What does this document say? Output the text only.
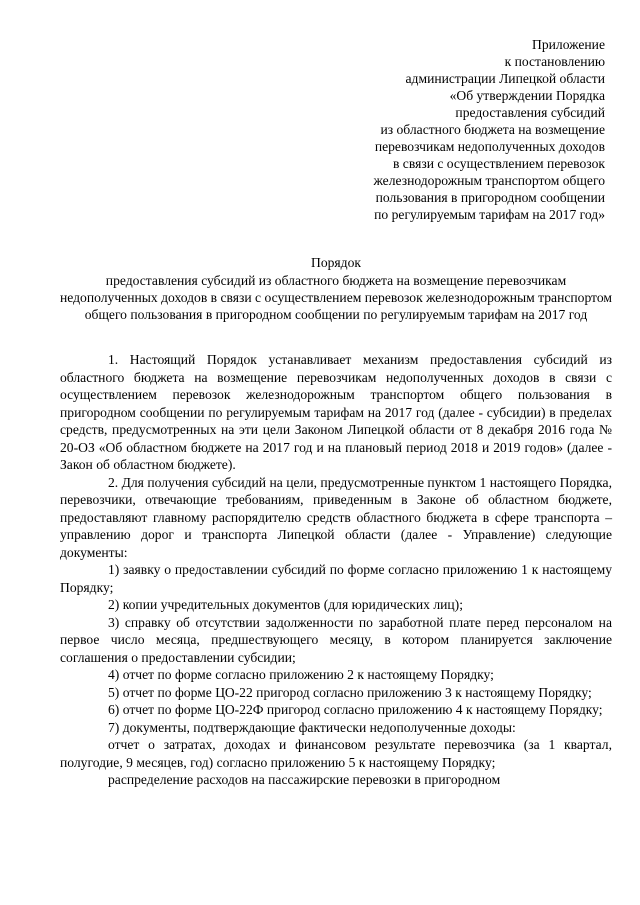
Приложение
к постановлению
администрации Липецкой области
«Об утверждении Порядка
предоставления субсидий
из областного бюджета на возмещение
перевозчикам недополученных доходов
в связи с осуществлением перевозок
железнодорожным транспортом общего
пользования в пригородном сообщении
по регулируемым тарифам на 2017 год»
Порядок
предоставления субсидий из областного бюджета на возмещение перевозчикам недополученных доходов в связи с осуществлением перевозок железнодорожным транспортом общего пользования в пригородном сообщении по регулируемым тарифам на 2017 год

1. Настоящий Порядок устанавливает механизм предоставления субсидий из областного бюджета на возмещение перевозчикам недополученных доходов в связи с осуществлением перевозок железнодорожным транспортом общего пользования в пригородном сообщении по регулируемым тарифам на 2017 год (далее - субсидии) в пределах средств, предусмотренных на эти цели Законом Липецкой области от 8 декабря 2016 года № 20-ОЗ «Об областном бюджете на 2017 год и на плановый период 2018 и 2019 годов» (далее - Закон об областном бюджете).

2. Для получения субсидий на цели, предусмотренные пунктом 1 настоящего Порядка, перевозчики, отвечающие требованиям, приведенным в Законе об областном бюджете, предоставляют главному распорядителю средств областного бюджета в сфере транспорта – управлению дорог и транспорта Липецкой области (далее - Управление) следующие документы:

1) заявку о предоставлении субсидий по форме согласно приложению 1 к настоящему Порядку;

2) копии учредительных документов (для юридических лиц);

3) справку об отсутствии задолженности по заработной плате перед персоналом на первое число месяца, предшествующего месяцу, в котором планируется заключение соглашения о предоставлении субсидии;

4) отчет по форме согласно приложению 2 к настоящему Порядку;

5) отчет по форме ЦО-22 пригород согласно приложению 3 к настоящему Порядку;

6) отчет по форме ЦО-22Ф пригород согласно приложению 4 к настоящему Порядку;

7) документы, подтверждающие фактически недополученные доходы:

отчет о затратах, доходах и финансовом результате перевозчика (за 1 квартал, полугодие, 9 месяцев, год) согласно приложению 5 к настоящему Порядку;

распределение расходов на пассажирские перевозки в пригородном
